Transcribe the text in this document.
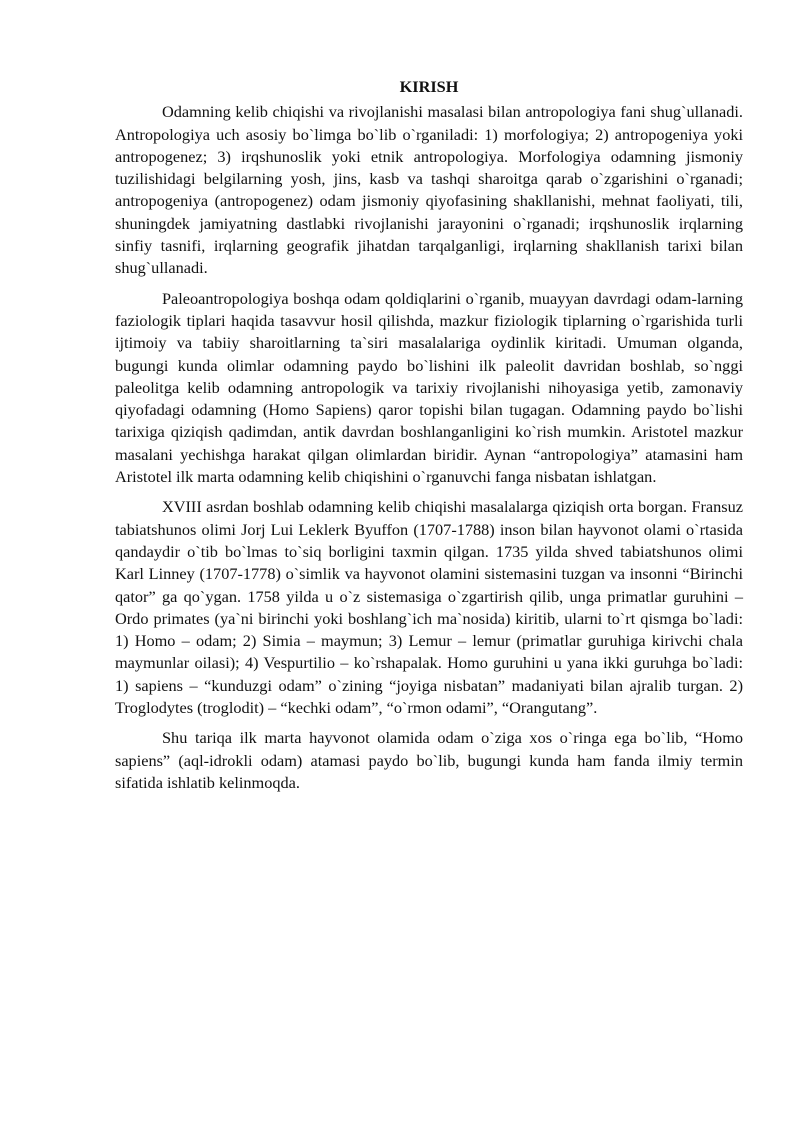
KIRISH

Odamning kelib chiqishi va rivojlanishi masalasi bilan antropologiya fani shug`ullanadi. Antropologiya uch asosiy bo`limga bo`lib o`rganiladi: 1) morfologiya; 2) antropogeniya yoki antropogenez; 3) irqshunoslik yoki etnik antropologiya. Morfologiya odamning jismoniy tuzilishidagi belgilarning yosh, jins, kasb va tashqi sharoitga qarab o`zgarishini o`rganadi; antropogeniya (antropogenez) odam jismoniy qiyofasining shakllanishi, mehnat faoliyati, tili, shuningdek jamiyatning dastlabki rivojlanishi jarayonini o`rganadi; irqshunoslik irqlarning sinfiy tasnifi, irqlarning geografik jihatdan tarqalganligi, irqlarning shakllanish tarixi bilan shug`ullanadi.

Paleoantropologiya boshqa odam qoldiqlarini o`rganib, muayyan davrdagi odam-larning faziologik tiplari haqida tasavvur hosil qilishda, mazkur fiziologik tiplarning o`rgarishida turli ijtimoiy va tabiiy sharoitlarning ta`siri masalalariga oydinlik kiritadi. Umuman olganda, bugungi kunda olimlar odamning paydo bo`lishini ilk paleolit davridan boshlab, so`nggi paleolitga kelib odamning antropologik va tarixiy rivojlanishi nihoyasiga yetib, zamonaviy qiyofadagi odamning (Homo Sapiens) qaror topishi bilan tugagan. Odamning paydo bo`lishi tarixiga qiziqish qadimdan, antik davrdan boshlanganligini ko`rish mumkin. Aristotel mazkur masalani yechishga harakat qilgan olimlardan biridir. Aynan “antropologiya” atamasini ham Aristotel ilk marta odamning kelib chiqishini o`rganuvchi fanga nisbatan ishlatgan.

XVIII asrdan boshlab odamning kelib chiqishi masalalarga qiziqish orta borgan. Fransuz tabiatshunos olimi Jorj Lui Leklerk Byuffon (1707-1788) inson bilan hayvonot olami o`rtasida qandaydir o`tib bo`lmas to`siq borligini taxmin qilgan. 1735 yilda shved tabiatshunos olimi Karl Linney (1707-1778) o`simlik va hayvonot olamini sistemasini tuzgan va insonni “Birinchi qator” ga qo`ygan. 1758 yilda u o`z sistemasiga o`zgartirish qilib, unga primatlar guruhini – Ordo primates (ya`ni birinchi yoki boshlang`ich ma`nosida) kiritib, ularni to`rt qismga bo`ladi: 1) Homo – odam; 2) Simia – maymun; 3) Lemur – lemur (primatlar guruhiga kirivchi chala maymunlar oilasi); 4) Vespurtilio – ko`rshapalak. Homo guruhini u yana ikki guruhga bo`ladi: 1) sapiens – “kunduzgi odam” o`zining “joyiga nisbatan” madaniyati bilan ajralib turgan. 2) Troglodytes (troglodit) – “kechki odam”, “o`rmon odami”, “Orangutang”.

Shu tariqa ilk marta hayvonot olamida odam o`ziga xos o`ringa ega bo`lib, “Homo sapiens” (aql-idrokli odam) atamasi paydo bo`lib, bugungi kunda ham fanda ilmiy termin sifatida ishlatib kelinmoqda.
